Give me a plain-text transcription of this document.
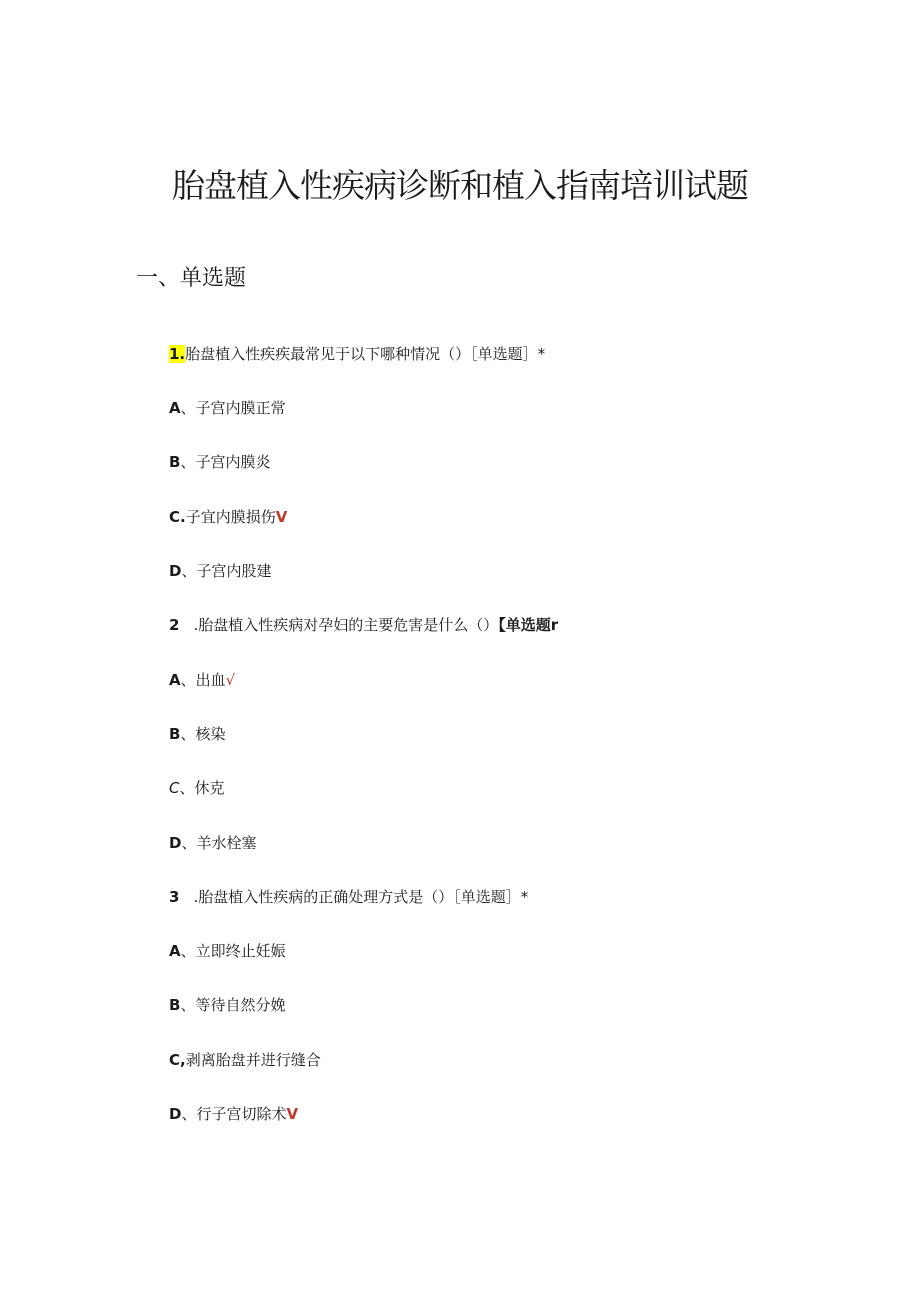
胎盘植入性疾病诊断和植入指南培训试题
一、单选题
1.胎盘植入性疾疾最常见于以下哪种情况（）［单选题］*
A、子宫内膜正常
B、子宫内膜炎
C.子宜内膜损伤V
D、子宫内股建
2 .胎盘植入性疾病对孕妇的主要危害是什么（）【单选题r
A、出血√
B、核染
C、休克
D、羊水栓塞
3 .胎盘植入性疾病的正确处理方式是（）［单选题］*
A、立即终止妊娠
B、等待自然分娩
C,剥离胎盘并进行缝合
D、行子宫切除术V
